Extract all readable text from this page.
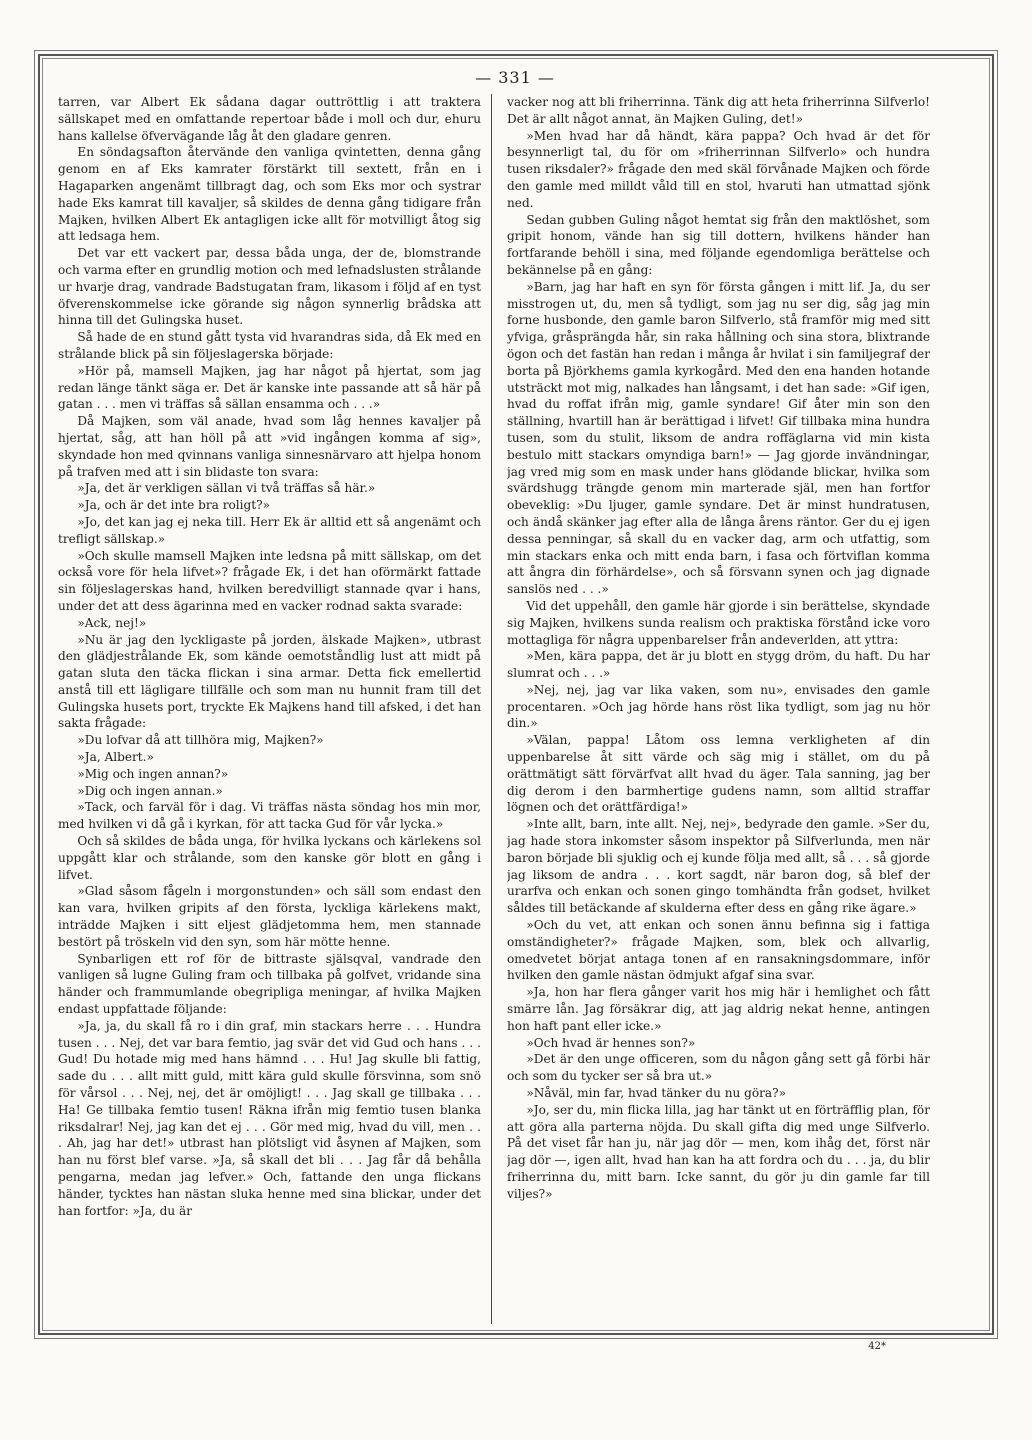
— 331 —

tarren, var Albert Ek sådana dagar outtröttlig i att traktera sällskapet med en omfattande repertoar både i moll och dur, ehuru hans kallelse öfvervägande låg åt den gladare genren.

En söndagsafton återvände den vanliga qvintetten, denna gång genom en af Eks kamrater förstärkt till sextett, från en i Hagaparken angenämt tillbragt dag, och som Eks mor och systrar hade Eks kamrat till kavaljer, så skildes de denna gång tidigare från Majken, hvilken Albert Ek antagligen icke allt för motvilligt åtog sig att ledsaga hem.

Det var ett vackert par, dessa båda unga, der de, blomstrande och varma efter en grundlig motion och med lefnadslusten strålande ur hvarje drag, vandrade Badstugatan fram, likasom i följd af en tyst öfverenskommelse icke görande sig någon synnerlig brådska att hinna till det Gulingska huset.

Så hade de en stund gått tysta vid hvarandras sida, då Ek med en strålande blick på sin följeslagerska började:

»Hör på, mamsell Majken, jag har något på hjertat, som jag redan länge tänkt säga er. Det är kanske inte passande att så här på gatan . . . men vi träffas så sällan ensamma och . . .»

Då Majken, som väl anade, hvad som låg hennes kavaljer på hjertat, såg, att han höll på att »vid ingången komma af sig», skyndade hon med qvinnans vanliga sinnesnärvaro att hjelpa honom på trafven med att i sin blidaste ton svara:

»Ja, det är verkligen sällan vi två träffas så här.»

»Ja, och är det inte bra roligt?»

»Jo, det kan jag ej neka till. Herr Ek är alltid ett så angenämt och trefligt sällskap.»

»Och skulle mamsell Majken inte ledsna på mitt sällskap, om det också vore för hela lifvet»? frågade Ek, i det han oförmärkt fattade sin följeslagerskas hand, hvilken beredvilligt stannade qvar i hans, under det att dess ägarinna med en vacker rodnad sakta svarade:

»Ack, nej!»

»Nu är jag den lyckligaste på jorden, älskade Majken», utbrast den glädjestrålande Ek, som kände oemotståndlig lust att midt på gatan sluta den täcka flickan i sina armar. Detta fick emellertid anstå till ett lägligare tillfälle och som man nu hunnit fram till det Gulingska husets port, tryckte Ek Majkens hand till afsked, i det han sakta frågade:

»Du lofvar då att tillhöra mig, Majken?»

»Ja, Albert.»

»Mig och ingen annan?»

»Dig och ingen annan.»

»Tack, och farväl för i dag. Vi träffas nästa söndag hos min mor, med hvilken vi då gå i kyrkan, för att tacka Gud för vår lycka.»

Och så skildes de båda unga, för hvilka lyckans och kärlekens sol uppgått klar och strålande, som den kanske gör blott en gång i lifvet.

»Glad såsom fågeln i morgonstunden» och säll som endast den kan vara, hvilken gripits af den första, lyckliga kärlekens makt, inträdde Majken i sitt eljest glädjetomma hem, men stannade bestört på tröskeln vid den syn, som här mötte henne.

Synbarligen ett rof för de bittraste själsqval, vandrade den vanligen så lugne Guling fram och tillbaka på golfvet, vridande sina händer och frammumlande obegripliga meningar, af hvilka Majken endast uppfattade följande:

»Ja, ja, du skall få ro i din graf, min stackars herre . . . Hundra tusen . . . Nej, det var bara femtio, jag svär det vid Gud och hans . . . Gud! Du hotade mig med hans hämnd . . . Hu! Jag skulle bli fattig, sade du . . . allt mitt guld, mitt kära guld skulle försvinna, som snö för vårsol . . . Nej, nej, det är omöjligt! . . . Jag skall ge tillbaka . . . Ha! Ge tillbaka femtio tusen! Räkna ifrån mig femtio tusen blanka riksdalrar! Nej, jag kan det ej . . . Gör med mig, hvad du vill, men . . . Ah, jag har det!» utbrast han plötsligt vid åsynen af Majken, som han nu först blef varse. »Ja, så skall det bli . . . Jag får då behålla pengarna, medan jag lefver.» Och, fattande den unga flickans händer, tycktes han nästan sluka henne med sina blickar, under det han fortfor: »Ja, du är

vacker nog att bli friherrinna. Tänk dig att heta friherrinna Silfverlo! Det är allt något annat, än Majken Guling, det!»

»Men hvad har då händt, kära pappa? Och hvad är det för besynnerligt tal, du för om »friherrinnan Silfverlo» och hundra tusen riksdaler?» frågade den med skäl förvånade Majken och förde den gamle med milldt våld till en stol, hvaruti han utmattad sjönk ned.

Sedan gubben Guling något hemtat sig från den maktlöshet, som gripit honom, vände han sig till dottern, hvilkens händer han fortfarande behöll i sina, med följande egendomliga berättelse och bekännelse på en gång:

»Barn, jag har haft en syn för första gången i mitt lif. Ja, du ser misstrogen ut, du, men så tydligt, som jag nu ser dig, såg jag min forne husbonde, den gamle baron Silfverlo, stå framför mig med sitt yfviga, gråsprängda hår, sin raka hållning och sina stora, blixtrande ögon och det fastän han redan i många år hvilat i sin familjegraf der borta på Björkhems gamla kyrkogård. Med den ena handen hotande utsträckt mot mig, nalkades han långsamt, i det han sade: »Gif igen, hvad du roffat ifrån mig, gamle syndare! Gif åter min son den ställning, hvartill han är berättigad i lifvet! Gif tillbaka mina hundra tusen, som du stulit, liksom de andra roffäglarna vid min kista bestulo mitt stackars omyndiga barn!» — Jag gjorde invändningar, jag vred mig som en mask under hans glödande blickar, hvilka som svärdshugg trängde genom min marterade själ, men han fortfor obeveklig: »Du ljuger, gamle syndare. Det är minst hundratusen, och ändå skänker jag efter alla de långa årens räntor. Ger du ej igen dessa penningar, så skall du en vacker dag, arm och utfattig, som min stackars enka och mitt enda barn, i fasa och förtviflan komma att ångra din förhärdelse», och så försvann synen och jag dignade sanslös ned . . .»

Vid det uppehåll, den gamle här gjorde i sin berättelse, skyndade sig Majken, hvilkens sunda realism och praktiska förstånd icke voro mottagliga för några uppenbarelser från andeverlden, att yttra:

»Men, kära pappa, det är ju blott en stygg dröm, du haft. Du har slumrat och . . .»

»Nej, nej, jag var lika vaken, som nu», envisades den gamle procentaren. »Och jag hörde hans röst lika tydligt, som jag nu hör din.»

»Välan, pappa! Låtom oss lemna verkligheten af din uppenbarelse åt sitt värde och säg mig i stället, om du på orättmätigt sätt förvärfvat allt hvad du äger. Tala sanning, jag ber dig derom i den barmhertige gudens namn, som alltid straffar lögnen och det orättfärdiga!»

»Inte allt, barn, inte allt. Nej, nej», bedyrade den gamle. »Ser du, jag hade stora inkomster såsom inspektor på Silfverlunda, men när baron började bli sjuklig och ej kunde följa med allt, så . . . så gjorde jag liksom de andra . . . kort sagdt, när baron dog, så blef der urarfva och enkan och sonen gingo tomhändta från godset, hvilket såldes till betäckande af skulderna efter dess en gång rike ägare.»

»Och du vet, att enkan och sonen ännu befinna sig i fattiga omständigheter?» frågade Majken, som, blek och allvarlig, omedvetet börjat antaga tonen af en ransakningsdommare, inför hvilken den gamle nästan ödmjukt afgaf sina svar.

»Ja, hon har flera gånger varit hos mig här i hemlighet och fått smärre lån. Jag försäkrar dig, att jag aldrig nekat henne, antingen hon haft pant eller icke.»

»Och hvad är hennes son?»

»Det är den unge officeren, som du någon gång sett gå förbi här och som du tycker ser så bra ut.»

»Nåväl, min far, hvad tänker du nu göra?»

»Jo, ser du, min flicka lilla, jag har tänkt ut en förträfflig plan, för att göra alla parterna nöjda. Du skall gifta dig med unge Silfverlo. På det viset får han ju, när jag dör — men, kom ihåg det, först när jag dör —, igen allt, hvad han kan ha att fordra och du . . . ja, du blir friherrinna du, mitt barn. Icke sannt, du gör ju din gamle far till viljes?»

42*
